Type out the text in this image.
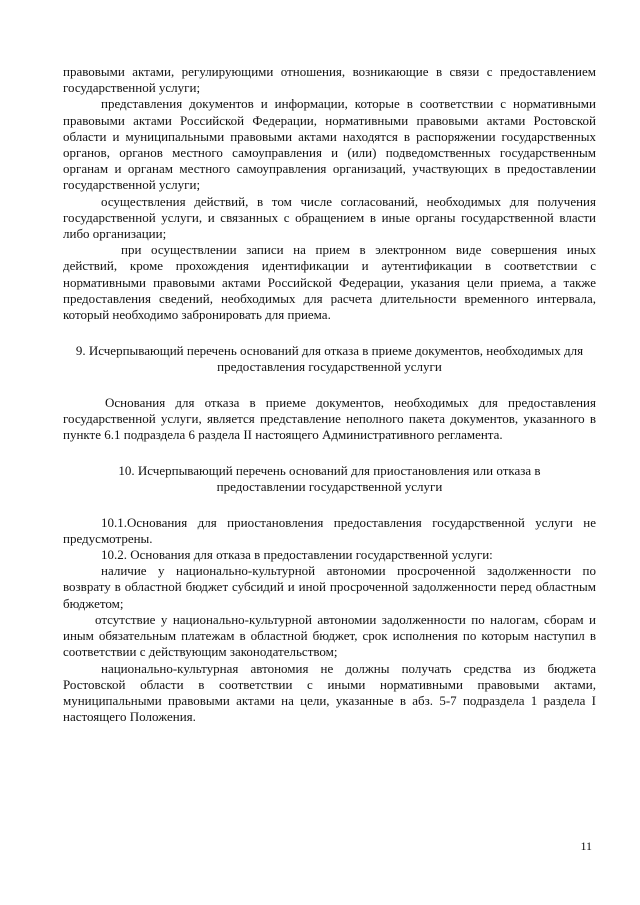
правовыми актами, регулирующими отношения, возникающие в связи с предоставлением государственной услуги;

представления документов и информации, которые в соответствии с нормативными правовыми актами Российской Федерации, нормативными правовыми актами Ростовской области и муниципальными правовыми актами находятся в распоряжении государственных органов, органов местного самоуправления и (или) подведомственных государственным органам и органам местного самоуправления организаций, участвующих в предоставлении государственной услуги;

осуществления действий, в том числе согласований, необходимых для получения государственной услуги, и связанных с обращением в иные органы государственной власти либо организации;

при осуществлении записи на прием в электронном виде совершения иных действий, кроме прохождения идентификации и аутентификации в соответствии с нормативными правовыми актами Российской Федерации, указания цели приема, а также предоставления сведений, необходимых для расчета длительности временного интервала, который необходимо забронировать для приема.

9. Исчерпывающий перечень оснований для отказа в приеме документов, необходимых для предоставления государственной услуги

Основания для отказа в приеме документов, необходимых для предоставления государственной услуги, является представление неполного пакета документов, указанного в пункте 6.1 подраздела 6 раздела II настоящего Административного регламента.

10. Исчерпывающий перечень оснований для приостановления или отказа в предоставлении государственной услуги

10.1.Основания для приостановления предоставления государственной услуги не предусмотрены.

10.2. Основания для отказа в предоставлении государственной услуги:

наличие у национально-культурной автономии просроченной задолженности по возврату в областной бюджет субсидий и иной просроченной задолженности перед областным бюджетом;

отсутствие у национально-культурной автономии задолженности по налогам, сборам и иным обязательным платежам в областной бюджет, срок исполнения по которым наступил в соответствии с действующим законодательством;

национально-культурная автономия не должны получать средства из бюджета Ростовской области в соответствии с иными нормативными правовыми актами, муниципальными правовыми актами на цели, указанные в абз. 5-7 подраздела 1 раздела I настоящего Положения.

11
